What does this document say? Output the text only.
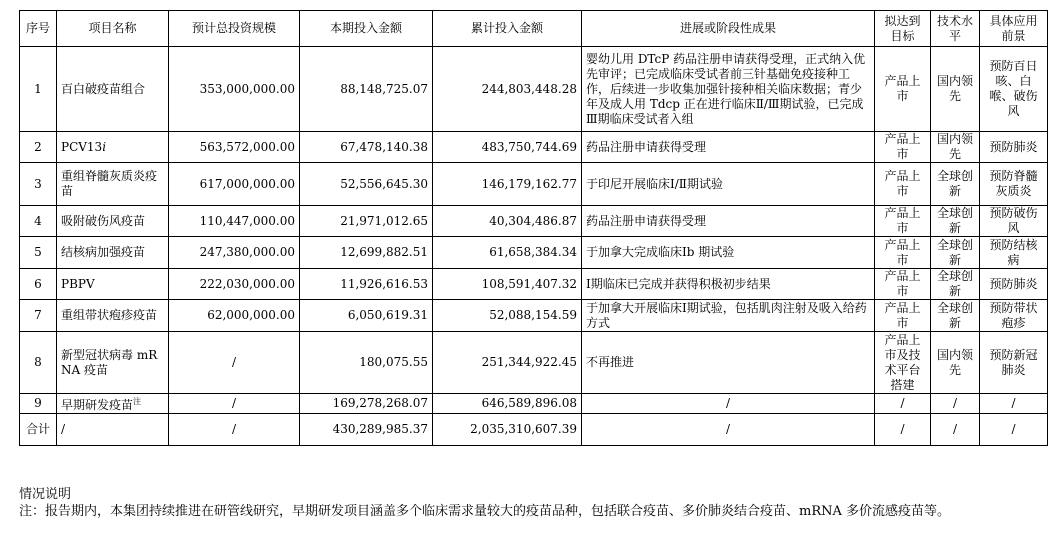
序号	项目名称	预计总投资规模	本期投入金额	累计投入金额	进展或阶段性成果	拟达到目标	技术水平	具体应用前景
1	百白破疫苗组合	353,000,000.00	88,148,725.07	244,803,448.28	婴幼儿用 DTcP 药品注册申请获得受理，正式纳入优先审评；已完成临床受试者前三针基础免疫接种工作，后续进一步收集加强针接种相关临床数据；青少年及成人用 Tdcp 正在进行临床Ⅱ/Ⅲ期试验，已完成Ⅲ期临床受试者入组	产品上市	国内领先	预防百日咳、白喉、破伤风
2	PCV13i	563,572,000.00	67,478,140.38	483,750,744.69	药品注册申请获得受理	产品上市	国内领先	预防肺炎
3	重组脊髓灰质炎疫苗	617,000,000.00	52,556,645.30	146,179,162.77	于印尼开展临床Ⅰ/Ⅱ期试验	产品上市	全球创新	预防脊髓灰质炎
4	吸附破伤风疫苗	110,447,000.00	21,971,012.65	40,304,486.87	药品注册申请获得受理	产品上市	全球创新	预防破伤风
5	结核病加强疫苗	247,380,000.00	12,699,882.51	61,658,384.34	于加拿大完成临床Ⅰb 期试验	产品上市	全球创新	预防结核病
6	PBPV	222,030,000.00	11,926,616.53	108,591,407.32	Ⅰ期临床已完成并获得积极初步结果	产品上市	全球创新	预防肺炎
7	重组带状疱疹疫苗	62,000,000.00	6,050,619.31	52,088,154.59	于加拿大开展临床Ⅰ期试验，包括肌肉注射及吸入给药方式	产品上市	全球创新	预防带状疱疹
8	新型冠状病毒 mRNA 疫苗	/	180,075.55	251,344,922.45	不再推进	产品上市及技术平台搭建	国内领先	预防新冠肺炎
9	早期研发疫苗$^注$	/	169,278,268.07	646,589,896.08	/	/	/	/
合计	/	/	430,289,985.37	2,035,310,607.39	/	/	/	/
情况说明
注：报告期内，本集团持续推进在研管线研究，早期研发项目涵盖多个临床需求量较大的疫苗品种，包括联合疫苗、多价肺炎结合疫苗、mRNA 多价流感疫苗等。
